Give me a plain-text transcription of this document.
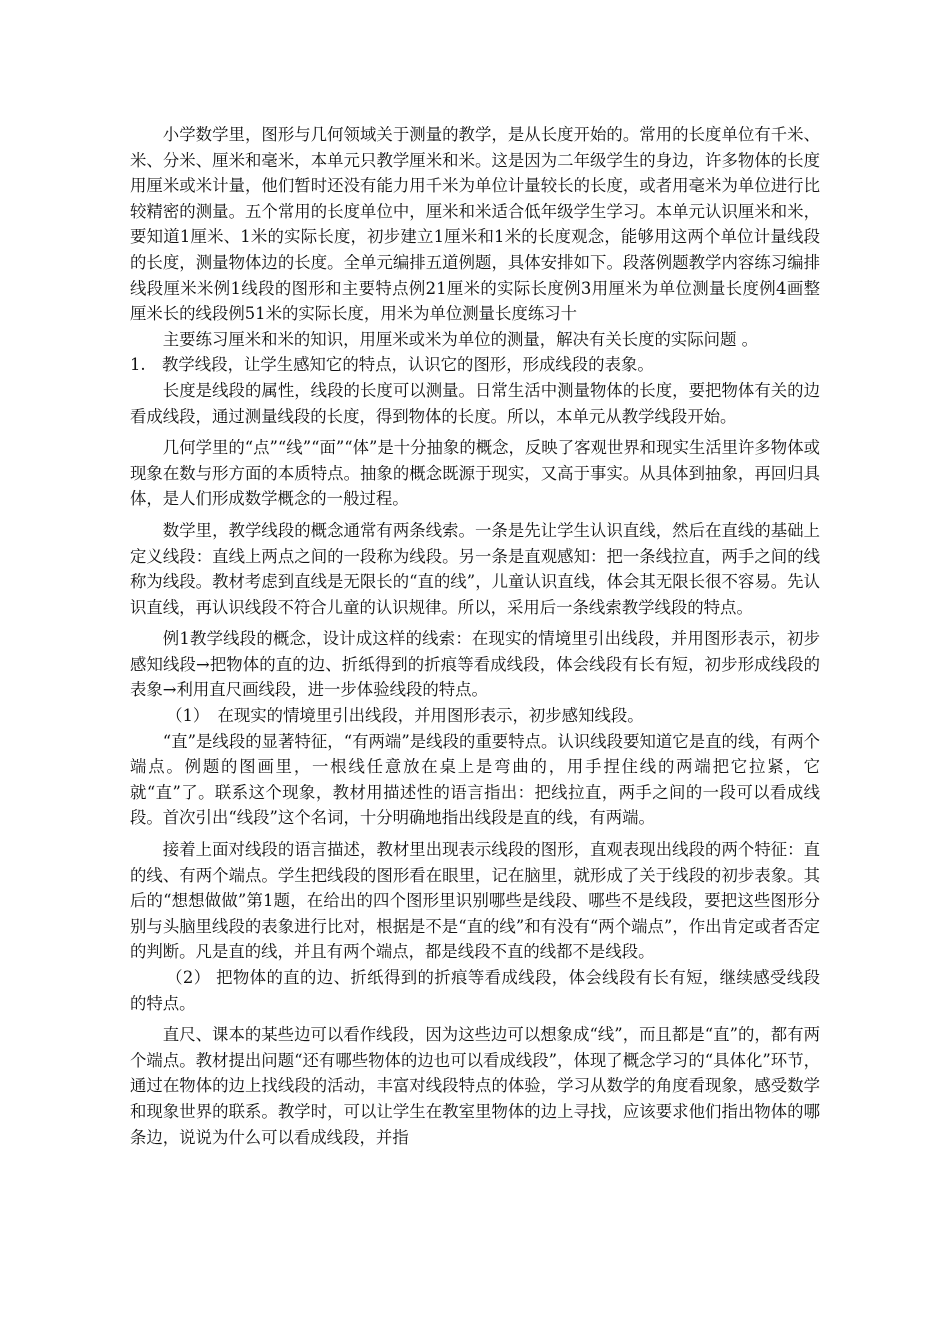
小学数学里，图形与几何领域关于测量的教学，是从长度开始的。常用的长度单位有千米、米、分米、厘米和毫米，本单元只教学厘米和米。这是因为二年级学生的身边，许多物体的长度用厘米或米计量，他们暂时还没有能力用千米为单位计量较长的长度，或者用毫米为单位进行比较精密的测量。五个常用的长度单位中，厘米和米适合低年级学生学习。本单元认识厘米和米，要知道1厘米、1米的实际长度，初步建立1厘米和1米的长度观念，能够用这两个单位计量线段的长度，测量物体边的长度。全单元编排五道例题，具体安排如下。段落例题教学内容练习编排线段厘米米例1线段的图形和主要特点例21厘米的实际长度例3用厘米为单位测量长度例4画整厘米长的线段例51米的实际长度，用米为单位测量长度练习十

主要练习厘米和米的知识，用厘米或米为单位的测量，解决有关长度的实际问题 。

1.　教学线段，让学生感知它的特点，认识它的图形，形成线段的表象。

长度是线段的属性，线段的长度可以测量。日常生活中测量物体的长度，要把物体有关的边看成线段，通过测量线段的长度，得到物体的长度。所以，本单元从教学线段开始。

几何学里的“点”“线”“面”“体”是十分抽象的概念，反映了客观世界和现实生活里许多物体或现象在数与形方面的本质特点。抽象的概念既源于现实，又高于事实。从具体到抽象，再回归具体，是人们形成数学概念的一般过程。

数学里，教学线段的概念通常有两条线索。一条是先让学生认识直线，然后在直线的基础上定义线段：直线上两点之间的一段称为线段。另一条是直观感知：把一条线拉直，两手之间的线称为线段。教材考虑到直线是无限长的“直的线”，儿童认识直线，体会其无限长很不容易。先认识直线，再认识线段不符合儿童的认识规律。所以，采用后一条线索教学线段的特点。

例1教学线段的概念，设计成这样的线索：在现实的情境里引出线段，并用图形表示，初步感知线段→把物体的直的边、折纸得到的折痕等看成线段，体会线段有长有短，初步形成线段的表象→利用直尺画线段，进一步体验线段的特点。

（1）　在现实的情境里引出线段，并用图形表示，初步感知线段。

“直”是线段的显著特征，“有两端”是线段的重要特点。认识线段要知道它是直的线，有两个端点。例题的图画里，一根线任意放在桌上是弯曲的，用手捏住线的两端把它拉紧，它就“直”了。联系这个现象，教材用描述性的语言指出：把线拉直，两手之间的一段可以看成线段。首次引出“线段”这个名词，十分明确地指出线段是直的线，有两端。

接着上面对线段的语言描述，教材里出现表示线段的图形，直观表现出线段的两个特征：直的线、有两个端点。学生把线段的图形看在眼里，记在脑里，就形成了关于线段的初步表象。其后的“想想做做”第1题，在给出的四个图形里识别哪些是线段、哪些不是线段，要把这些图形分别与头脑里线段的表象进行比对，根据是不是“直的线”和有没有“两个端点”，作出肯定或者否定的判断。凡是直的线，并且有两个端点，都是线段不直的线都不是线段。

（2） 把物体的直的边、折纸得到的折痕等看成线段，体会线段有长有短，继续感受线段的特点。

直尺、课本的某些边可以看作线段，因为这些边可以想象成“线”，而且都是“直”的，都有两个端点。教材提出问题“还有哪些物体的边也可以看成线段”，体现了概念学习的“具体化”环节，通过在物体的边上找线段的活动，丰富对线段特点的体验，学习从数学的角度看现象，感受数学和现象世界的联系。教学时，可以让学生在教室里物体的边上寻找，应该要求他们指出物体的哪条边，说说为什么可以看成线段，并指
